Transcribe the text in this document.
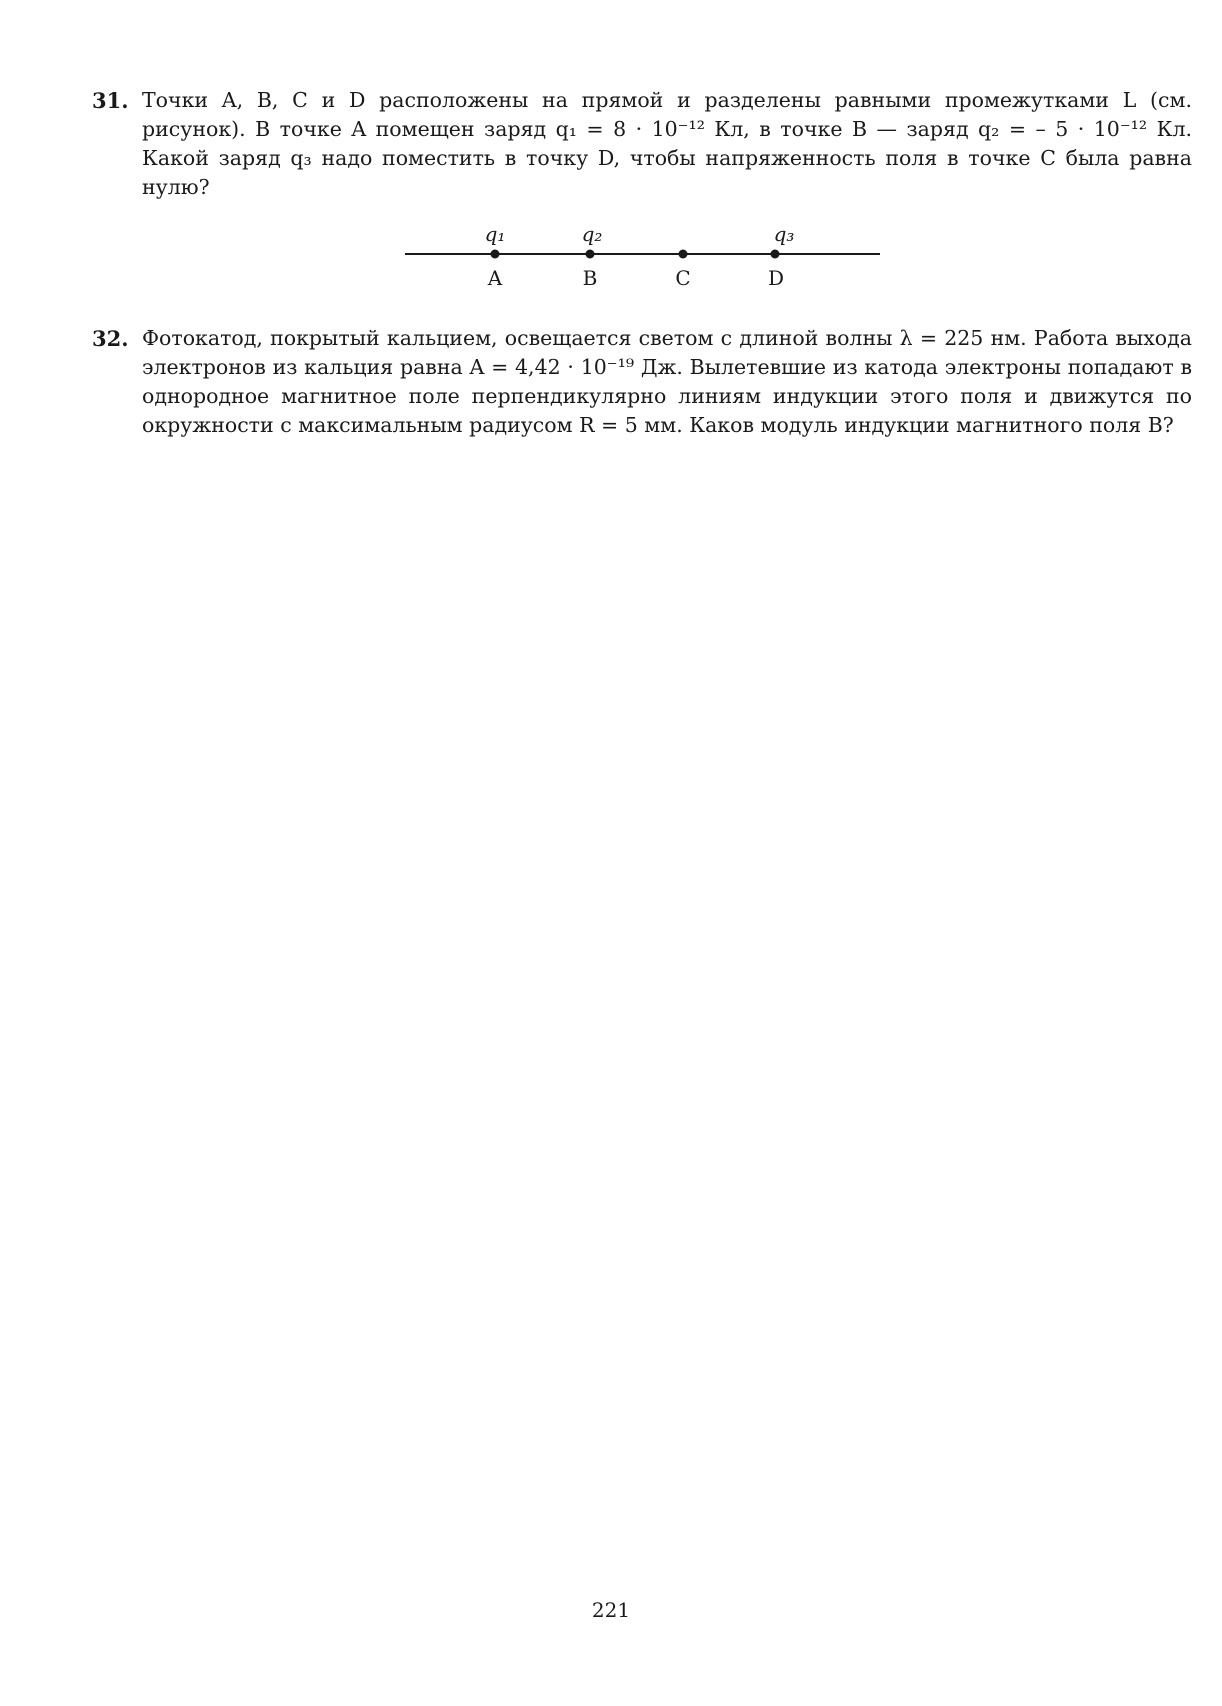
31. Точки A, B, C и D расположены на прямой и разделены равными промежутками L (см. рисунок). В точке A помещен заряд q₁ = 8 · 10⁻¹² Кл, в точке B — заряд q₂ = – 5 · 10⁻¹² Кл. Какой заряд q₃ надо поместить в точку D, чтобы напряженность поля в точке C была равна нулю?
q₁	q₂	q₃
A	B	C	D
32. Фотокатод, покрытый кальцием, освещается светом с длиной волны λ = 225 нм. Работа выхода электронов из кальция равна A = 4,42 · 10⁻¹⁹ Дж. Вылетевшие из катода электроны попадают в однородное магнитное поле перпендикулярно линиям индукции этого поля и движутся по окружности с максимальным радиусом R = 5 мм. Каков модуль индукции магнитного поля B?
221
